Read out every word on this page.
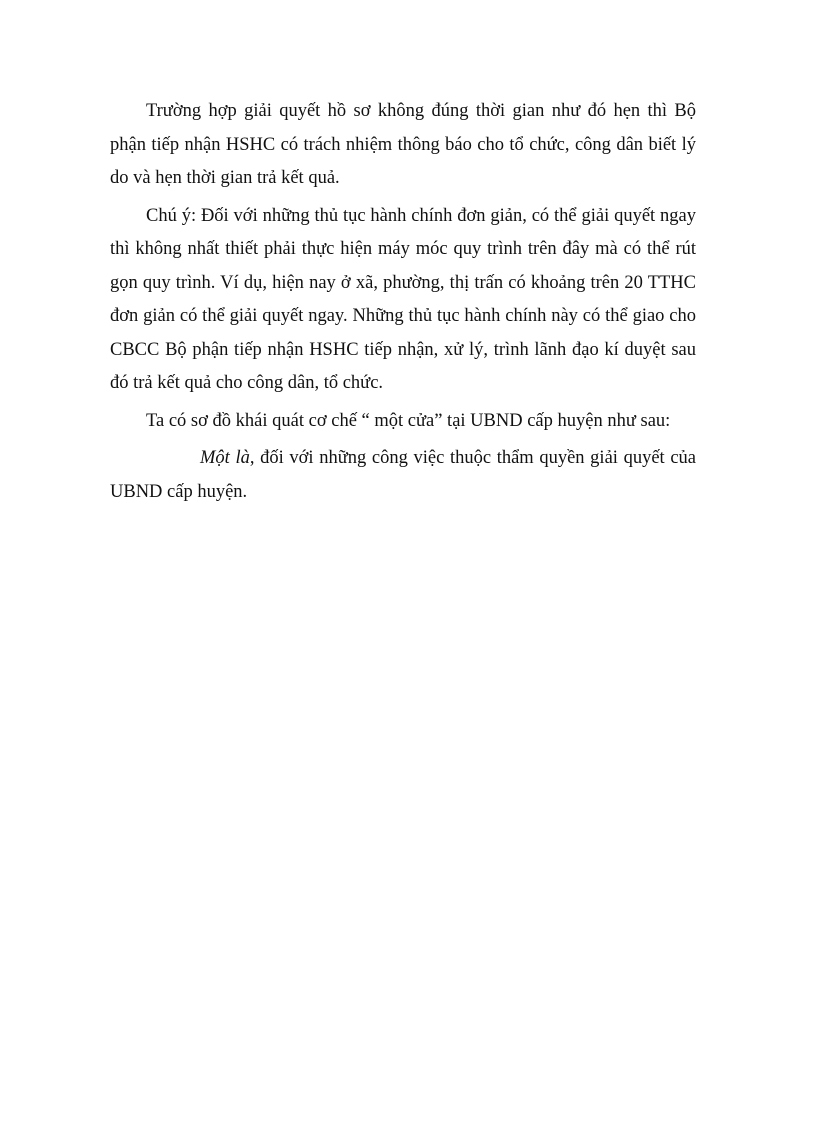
Trường hợp giải quyết hồ sơ không đúng thời gian như đó hẹn thì Bộ phận tiếp nhận HSHC có trách nhiệm thông báo cho tổ chức, công dân biết lý do và hẹn thời gian trả kết quả.

Chú ý: Đối với những thủ tục hành chính đơn giản, có thể giải quyết ngay thì không nhất thiết phải thực hiện máy móc quy trình trên đây mà có thể rút gọn quy trình. Ví dụ, hiện nay ở xã, phường, thị trấn có khoảng trên 20 TTHC đơn giản có thể giải quyết ngay. Những thủ tục hành chính này có thể giao cho CBCC Bộ phận tiếp nhận HSHC tiếp nhận, xử lý, trình lãnh đạo kí duyệt sau đó trả kết quả cho công dân, tổ chức.

Ta có sơ đồ khái quát cơ chế “ một cửa” tại UBND cấp huyện như sau:

Một là, đối với những công việc thuộc thẩm quyền giải quyết của UBND cấp huyện.
